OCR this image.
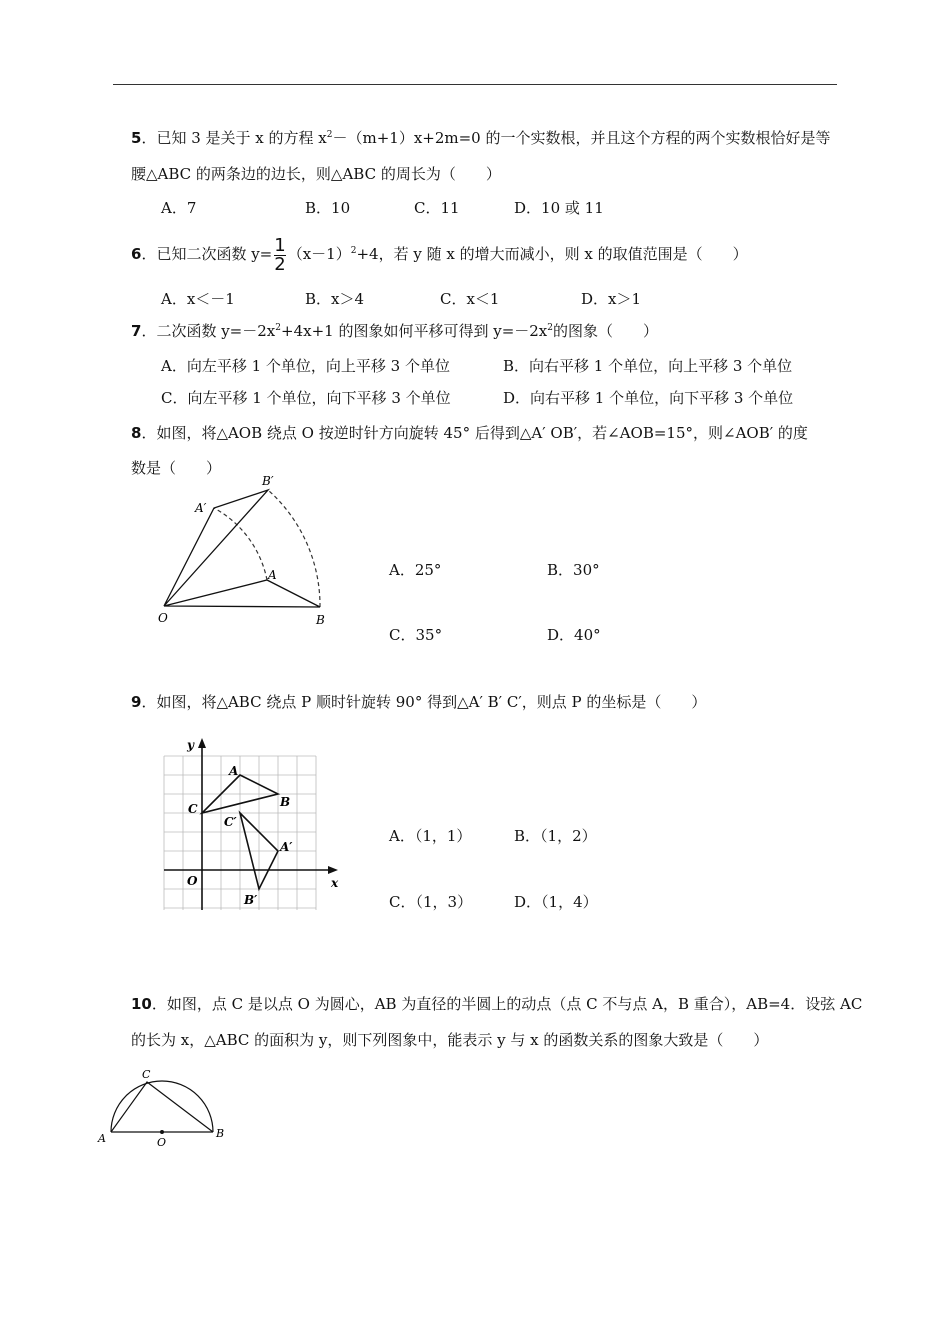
5．已知 3 是关于 x 的方程 $x^2-(m+1)x+2m=0$ 的一个实数根，并且这个方程的两个实数根恰好是等
腰△ABC 的两条边的边长，则△ABC 的周长为（　　）
A．7	B．10	C．11	D．10 或 11
6．已知二次函数 $y= \frac{1}{2} (x-1)^2+4$，若 y 随 x 的增大而减小，则 x 的取值范围是（　　）
A．x＜－1	B．x＞4	C．x＜1	D．x＞1
7．二次函数 $y=-2x^2+4x+1$ 的图象如何平移可得到 $y=-2x^2$的图象（　　）
A．向左平移 1 个单位，向上平移 3 个单位	B．向右平移 1 个单位，向上平移 3 个单位
C．向左平移 1 个单位，向下平移 3 个单位	D．向右平移 1 个单位，向下平移 3 个单位
8．如图，将△AOB 绕点 O 按逆时针方向旋转 45° 后得到△A′ OB′，若∠AOB=15°，则∠AOB′ 的度
数是（　　）
O	B
A
A′
B′
A．25°	B．30°
C．35°	D．40°
9．如图，将△ABC 绕点 P 顺时针旋转 90° 得到△A′ B′ C′，则点 P 的坐标是（　　）
y
x
O
A
B
C
C′
A′
B′
A．（1，1）	B．（1，2）
C．（1，3）	D．（1，4）
10．如图，点 C 是以点 O 为圆心，AB 为直径的半圆上的动点（点 C 不与点 A，B 重合），AB=4．设弦 AC
的长为 x，△ABC 的面积为 y，则下列图象中，能表示 y 与 x 的函数关系的图象大致是（　　）
A	B
C
O
